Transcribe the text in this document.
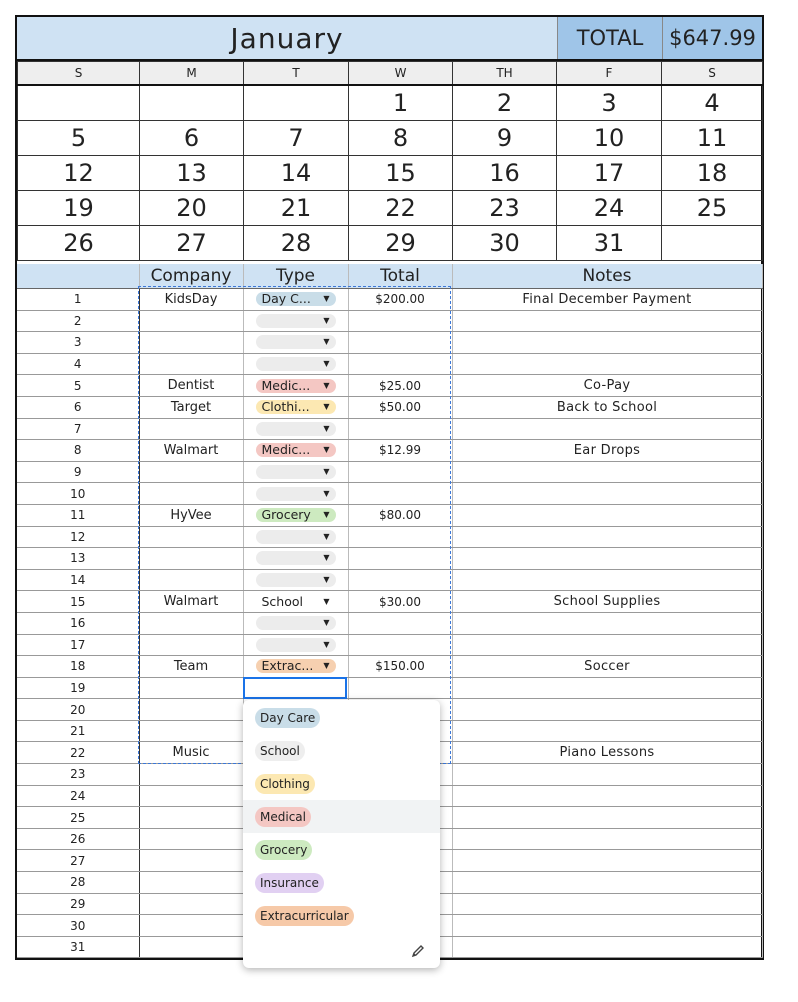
January	TOTAL	$647.99
S	M	T	W	TH	F	S
			1	2	3	4
5	6	7	8	9	10	11
12	13	14	15	16	17	18
19	20	21	22	23	24	25
26	27	28	29	30	31	
	Company	Type	Total	Notes
1	KidsDay	Day C... ▼	$200.00	Final December Payment
2		▼		

3		▼		

4		▼		

5	Dentist	Medic... ▼	$25.00	Co-Pay
6	Target	Clothi... ▼	$50.00	Back to School
7		▼		

8	Walmart	Medic... ▼	$12.99	Ear Drops
9		▼		

10		▼		

11	HyVee	Grocery ▼	$80.00	
12		▼		

13		▼		

14		▼		

15	Walmart	School ▼	$30.00	School Supplies
16		▼		

17		▼		

18	Team	Extrac... ▼	$150.00	Soccer
19				
20				
21				
22	Music			Piano Lessons
23				
24				
25				
26				
27				
28				
29				
30				
31				
Day Care
School
Clothing
Medical
Grocery
Insurance
Extracurricular
